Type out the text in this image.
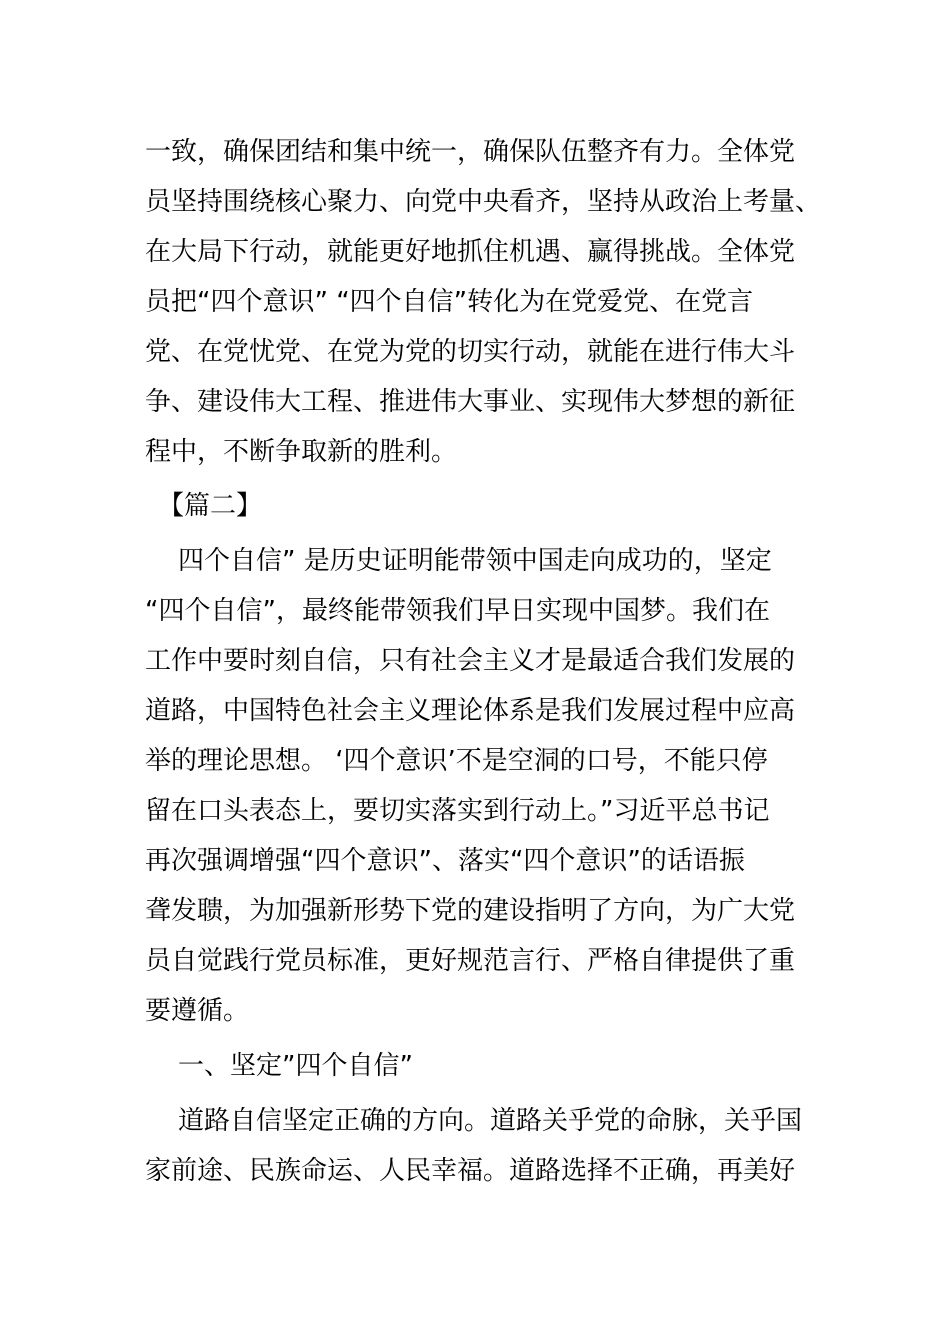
一致，确保团结和集中统一，确保队伍整齐有力。全体党
员坚持围绕核心聚力、向党中央看齐，坚持从政治上考量、
在大局下行动，就能更好地抓住机遇、赢得挑战。全体党
员把“四个意识” “四个自信”转化为在党爱党、在党言
党、在党忧党、在党为党的切实行动，就能在进行伟大斗
争、建设伟大工程、推进伟大事业、实现伟大梦想的新征
程中，不断争取新的胜利。
【篇二】
四个自信” 是历史证明能带领中国走向成功的，坚定
“四个自信”，最终能带领我们早日实现中国梦。我们在
工作中要时刻自信，只有社会主义才是最适合我们发展的
道路，中国特色社会主义理论体系是我们发展过程中应高
举的理论思想。 ‘四个意识’不是空洞的口号，不能只停
留在口头表态上，要切实落实到行动上。”习近平总书记
再次强调增强“四个意识”、落实“四个意识”的话语振
聋发聩，为加强新形势下党的建设指明了方向，为广大党
员自觉践行党员标准，更好规范言行、严格自律提供了重
要遵循。
一、坚定”四个自信”
道路自信坚定正确的方向。道路关乎党的命脉，关乎国
家前途、民族命运、人民幸福。道路选择不正确，再美好
